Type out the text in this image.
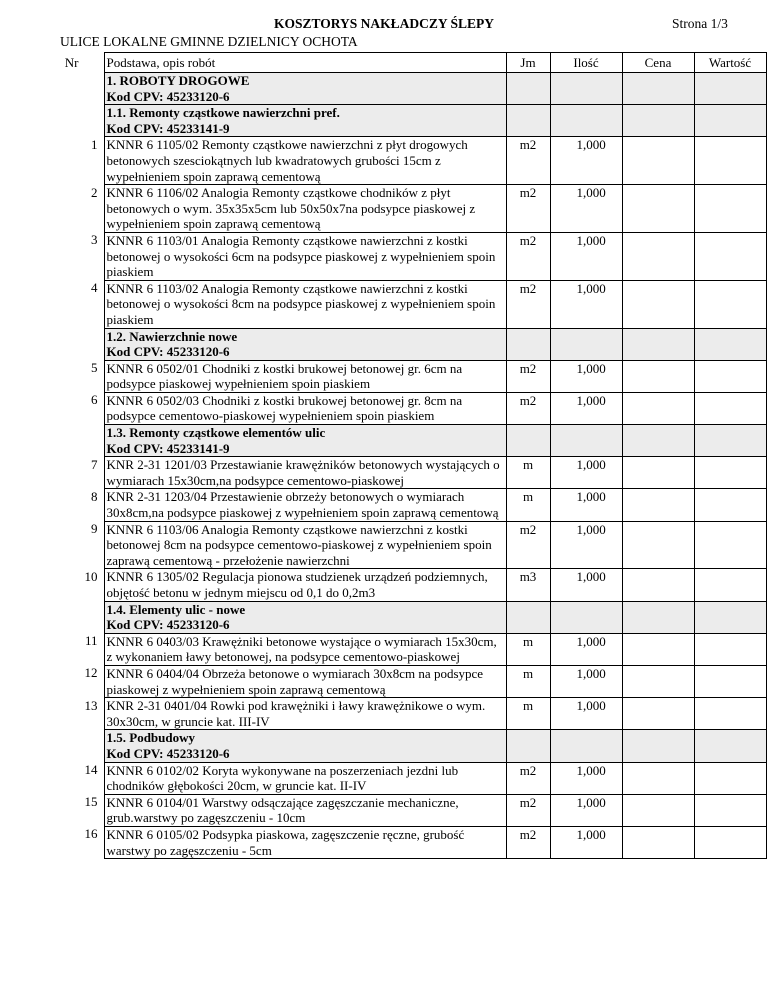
KOSZTORYS NAKŁADCZY ŚLEPY	Strona 1/3
ULICE LOKALNE GMINNE DZIELNICY OCHOTA
Nr	Podstawa, opis robót	Jm	Ilość	Cena	Wartość
	1. ROBOTY DROGOWE
Kod CPV: 45233120-6				
	1.1. Remonty cząstkowe nawierzchni pref.
Kod CPV: 45233141-9				
1	KNNR 6 1105/02 Remonty cząstkowe nawierzchni z płyt drogowych betonowych szesciokątnych lub kwadratowych grubości 15cm z wypełnieniem spoin zaprawą cementową	m2	1,000		
2	KNNR 6 1106/02 Analogia Remonty cząstkowe chodników z płyt betonowych o wym. 35x35x5cm lub 50x50x7na podsypce piaskowej z wypełnieniem spoin zaprawą cementową	m2	1,000		
3	KNNR 6 1103/01 Analogia Remonty cząstkowe nawierzchni z kostki betonowej o wysokości 6cm na podsypce piaskowej z wypełnieniem spoin piaskiem	m2	1,000		
4	KNNR 6 1103/02 Analogia Remonty cząstkowe nawierzchni z kostki betonowej o wysokości 8cm na podsypce piaskowej z wypełnieniem spoin piaskiem	m2	1,000		
	1.2. Nawierzchnie nowe
Kod CPV: 45233120-6				
5	KNNR 6 0502/01 Chodniki z kostki brukowej betonowej gr. 6cm na podsypce piaskowej wypełnieniem spoin piaskiem	m2	1,000		
6	KNNR 6 0502/03 Chodniki z kostki brukowej betonowej gr. 8cm na podsypce cementowo-piaskowej wypełnieniem spoin piaskiem	m2	1,000		
	1.3. Remonty cząstkowe elementów ulic
Kod CPV: 45233141-9				
7	KNR 2-31 1201/03 Przestawianie krawężników betonowych wystających o wymiarach 15x30cm,na podsypce cementowo-piaskowej	m	1,000		
8	KNR 2-31 1203/04 Przestawienie obrzeży betonowych o wymiarach 30x8cm,na podsypce piaskowej z wypełnieniem spoin zaprawą cementową	m	1,000		
9	KNNR 6 1103/06 Analogia Remonty cząstkowe nawierzchni z kostki betonowej 8cm na podsypce cementowo-piaskowej z wypełnieniem spoin zaprawą cementową - przełożenie nawierzchni	m2	1,000		
10	KNNR 6 1305/02 Regulacja pionowa studzienek urządzeń podziemnych, objętość betonu w jednym miejscu od 0,1 do 0,2m3	m3	1,000		
	1.4. Elementy ulic - nowe
Kod CPV: 45233120-6				
11	KNNR 6 0403/03 Krawężniki betonowe wystające o wymiarach 15x30cm, z wykonaniem ławy betonowej, na podsypce cementowo-piaskowej	m	1,000		
12	KNNR 6 0404/04 Obrzeża betonowe o wymiarach 30x8cm na podsypce piaskowej z wypełnieniem spoin zaprawą cementową	m	1,000		
13	KNR 2-31 0401/04 Rowki pod krawężniki i ławy krawężnikowe o wym. 30x30cm, w gruncie kat. III-IV	m	1,000		
	1.5. Podbudowy
Kod CPV: 45233120-6				
14	KNNR 6 0102/02 Koryta wykonywane na poszerzeniach jezdni lub chodników głębokości 20cm, w gruncie kat. II-IV	m2	1,000		
15	KNNR 6 0104/01 Warstwy odsączające zagęszczanie mechaniczne, grub.warstwy po zagęszczeniu - 10cm	m2	1,000		
16	KNNR 6 0105/02 Podsypka piaskowa, zagęszczenie ręczne, grubość warstwy po zagęszczeniu - 5cm	m2	1,000		
